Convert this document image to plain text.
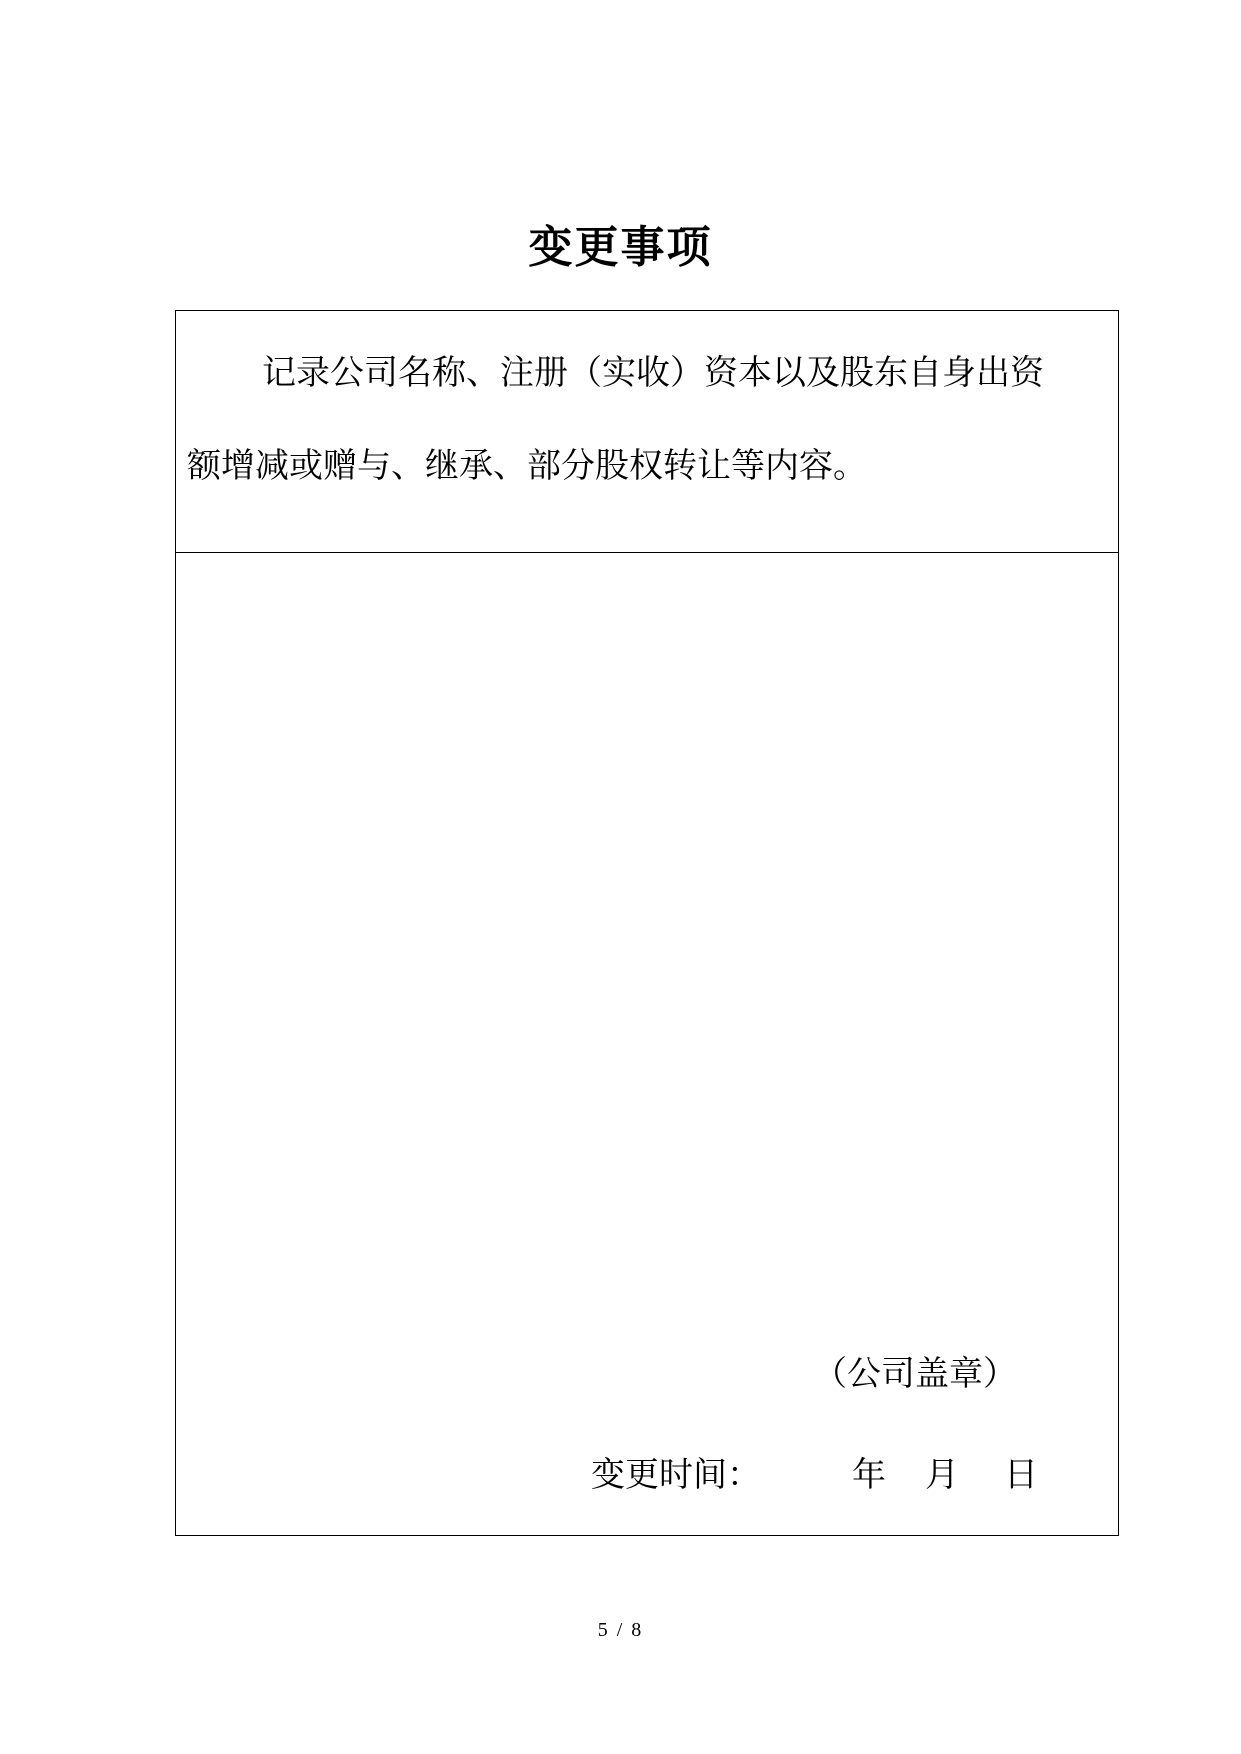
变更事项
记录公司名称、注册（实收）资本以及股东自身出资
额增减或赠与、继承、部分股权转让等内容。
（公司盖章）
变更时间：	年 月 日
5 / 8
